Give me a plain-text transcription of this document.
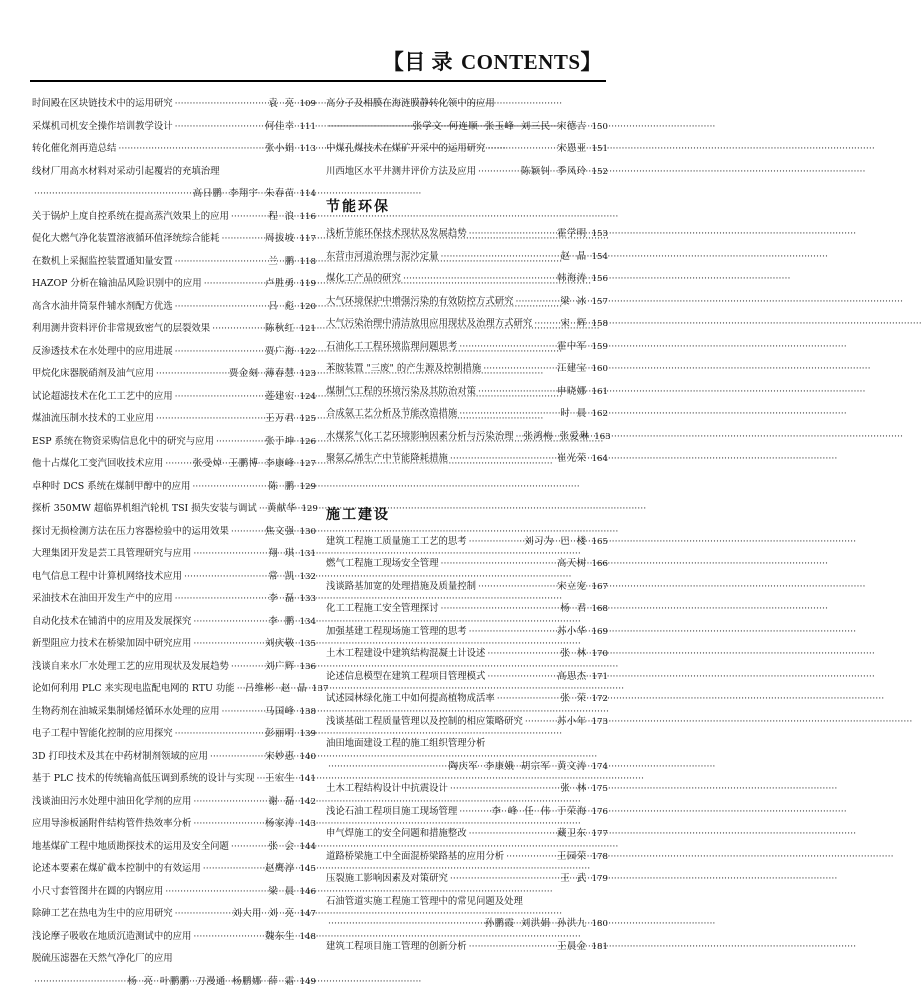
【目 录 CONTENTS】
时间殿在区块链技术中的运用研究 ·····	袁 亮 109
采煤机司机安全操作培训教学设计 ·····	何佳幸 111
转化催化剂再造总结 ·····	张小娟 113
线材厂用高水材料对采动引起覆岩的充填治理
·····
高日鹏 李翔宇 朱春苗 114
关于锅炉上度自控系统在提高蒸汽效果上的应用 ·····	程 浪 116
促化大燃气净化装置溶液循环值泽统综合能耗 ·····	周拔坡 117
在数机上采掘监控装置通知量安置 ·····	兰 鹏 118
HAZOP 分析在输油品风险识别中的应用 ·····	卢胜勇 119
高含水油井筒泵件辅水剂配方优选 ·····	吕 彪 120
利用测井资料评价非常规致密气的层裂效果 ·····	陈秋红 121
反渗透技术在水处理中的应用进展 ·····	贾广海 122
甲烷化床器脱硝剂及油气应用 ·····	贾金刻 薄春慧 123
试论超滤技术在化工工艺中的应用 ·····	莲建宏 124
煤油流压制水技术的工业应用 ·····	王万君 125
ESP 系统在物资采购信息化中的研究与应用 ·····	张于坤 126
他十占煤化工变汽回收技术应用 ·····	张受焯 王鹏博 李康峰 127
卓种时 DCS 系统在煤制甲醇中的应用 ·····	陈 鹏 129
探析 350MW 超临界机组汽轮机 TSI 损失安装与调试 ····· 黄献华 129
探讨无损检测方法在压力容器检验中的运用效果 ·····	焦文强 130
大理集团开发是芸工具管理研究与应用 ·····	翔 琪 131
电气信息工程中计算机网络技术应用 ·····	常 凯 132
采油技术在油田开发生产中的应用 ·····	李 磊 133
自动化技术在铺消中的应用及发展探究 ·····	李 鹏 134
新型阻应力技术在桥梁加固中研究应用 ·····	刘庆敬 135
浅谈自来水厂水处理工艺的应用现状及发展趋势 ·····	刘广辉 136
论如何利用 PLC 来实现电监配电网的 RTU 功能 ····· 吕维彬 赵 晶 137
生物药剂在油城采集制烯烃循环水处理的应用 ·····	马国峰 138
电子工程中智能化控制的应用探究 ·····	彭丽明 139
3D 打印技术及其在中药材制剂领域的应用 ·····	宋妙惠 140
基于 PLC 技术的传统输高低压调到系统的设计与实现 ····· 王宏生 141
浅谈油田污水处理中油田化学剂的应用 ·····	谢 磊 142
应用导渗板涵附件结构管件热效率分析 ·····	杨家涛 143
地基煤矿工程中地质勘探技术的运用及安全问题 ·····	张 会 144
论述本要素在煤矿截本控制中的有效运用 ·····	赵鹰淳 145
小尺寸套管图井在圆的内钢应用 ·····	梁 晨 146
除砷工艺在热电为生中的应用研究 ·····	刘大用 刘 亮 147
浅论摩子吸收在地质沉造测试中的应用 ·····	魏东生 148
脱硫压滤器在天然气净化厂的应用
·····
杨 亮 叶鹏鹏 刀漫通 杨鹏娜 薛 霜 149
高分子及相膜在海涟膜静转化领中的应用
·····
张学文 何连顺 张玉峰 刘三民 宋德吉 150
中煤孔煤技术在煤矿开采中的运用研究 ·····	宋恩亚 151
川西地区水平井测井评价方法及应用 ·····	陈颖钊 季凤玲 152
节能环保
浅析节能环保技术现状及发展趋势 ·····	霍学明 153
东营市河道治理与泥沙定量 ·····	赵 晶 154
煤化工产品的研究 ·····	韩海涛 156
大气环境保护中增强污染的有效防控方式研究 ·····	梁 冰 157
大气污染治理中清洁放用应用现状及治理方式研究 ·····	宋 辉 158
石油化工工程环境监理问题思考 ·····	霍中军 159
苯胺装置 "三废" 的产生源及控制措施 ·····	江建宝 160
煤制气工程的环境污染及其防治对策 ·····	申晓娜 161
合成氨工艺分析及节能改造措施 ·····	时 晨 162
水煤浆气化工艺环境影响因素分析与污染治理 ····· 张鸿梅 张爱琳 163
聚氨乙烯生产中节能降耗措施 ·····	崔光荣 164
施工建设
建筑工程施工质量施工工艺的思考 ·····	刘习为 巴 楼 165
燃气工程施工现场安全管理 ·····	高天树 166
浅谈路基加宽的处理措施及质量控制 ·····	宋立宠 167
化工工程施工安全管理探讨 ·····	杨 君 168
加强基建工程现场施工管理的思考 ·····	苏小华 169
土木工程建设中建筑结构混凝土计设述 ·····	张 林 170
论述信息模型在建筑工程项目管理模式 ·····	高思杰 171
试述园林绿化施工中如何提高植物成活率 ·····	张 荣 172
浅谈基础工程质量管理以及控制的相应策略研究 ·····	苏小年 173
油田地面建设工程的施工组织管理分析
·····
陶庆军 李康娥 胡宗军 黄文涛 174
土木工程结构设计中抗震设计 ·····	张 林 175
浅论石油工程项目施工现场管理 ·····	李 峰 任 伟 于荣海 176
申气焊施工的安全问题和措施整改 ·····	藏卫东 177
道路桥梁施工中全面混桥梁路基的应用分析 ·····	王园荣 178
压裂施工影响因素及对策研究 ·····	王 武 179
石油管道实施工程施工管理中的常见问题及处理
·····
孙鹏霞 刘洪娟 孙洪九 180
建筑工程项目施工管理的创新分析 ·····	王晨金 181
